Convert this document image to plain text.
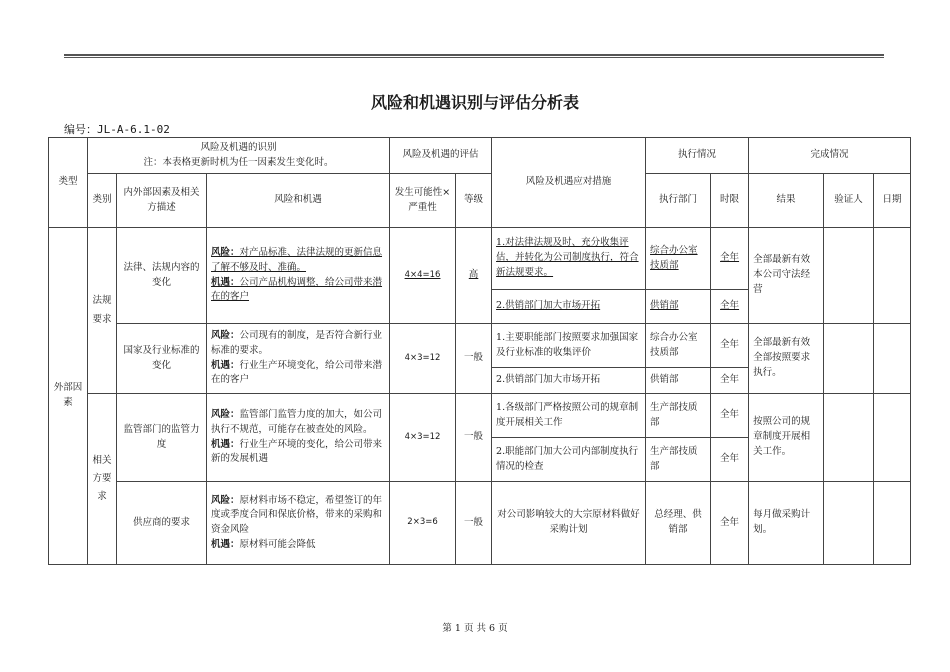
风险和机遇识别与评估分析表
编号：JL-A-6.1-02
类型	风险及机遇的识别
注：本表格更新时机为任一因素发生变化时。			风险及机遇的评估		风险及机遇应对措施	执行情况		完成情况		
	类别	内外部因素及相关方描述	风险和机遇	发生可能性×严重性	等级		执行部门	时限	结果	验证人	日期
外部因素	法规要求	法律、法规内容的变化	风险：对产品标准、法律法规的更新信息了解不够及时、准确。
机遇：公司产品机构调整，给公司带来潜在的客户	4×4=16	高	1.对法律法规及时、充分收集评估，并转化为公司制度执行，符合新法规要求。	综合办公室技质部	全年	全部最新有效本公司守法经营		
						2.供销部门加大市场开拓	供销部	全年			
		国家及行业标准的变化	风险：公司现有的制度，是否符合新行业标准的要求。
机遇：行业生产环境变化，给公司带来潜在的客户	4×3=12	一般	1.主要职能部门按照要求加强国家及行业标准的收集评价	综合办公室技质部	全年	全部最新有效全部按照要求执行。		
						2.供销部门加大市场开拓	供销部	全年			
	相关方要求	监管部门的监管力度	风险：监管部门监管力度的加大，如公司执行不规范，可能存在被查处的风险。
机遇：行业生产环境的变化，给公司带来新的发展机遇	4×3=12	一般	1.各级部门严格按照公司的规章制度开展相关工作	生产部技质部	全年	按照公司的规章制度开展相关工作。		
						2.职能部门加大公司内部制度执行情况的检查	生产部技质部	全年			
		供应商的要求	风险：原材料市场不稳定，希望签订的年度或季度合同和保底价格，带来的采购和资金风险
机遇：原材料可能会降低	2×3=6	一般	对公司影响较大的大宗原材料做好采购计划	总经理、供销部	全年	每月做采购计划。		

第 1 页 共 6 页
